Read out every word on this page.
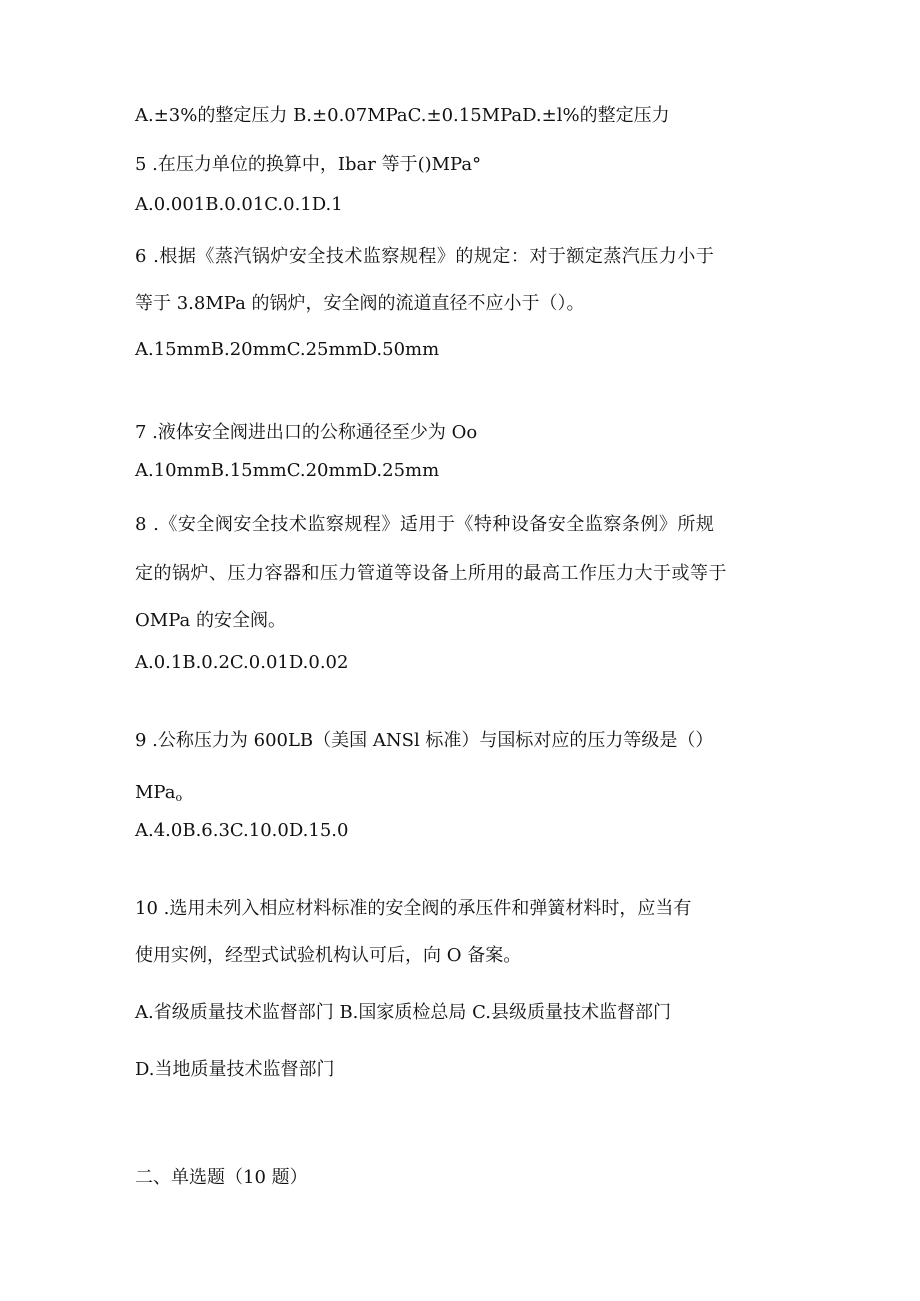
A.±3%的整定压力 B.±0.07MPaC.±0.15MPaD.±l%的整定压力
5 .在压力单位的换算中，Ibar 等于()MPa°
A.0.001B.0.01C.0.1D.1
6 .根据《蒸汽锅炉安全技术监察规程》的规定：对于额定蒸汽压力小于
等于 3.8MPa 的锅炉，安全阀的流道直径不应小于（）。
A.15mmB.20mmC.25mmD.50mm
7 .液体安全阀进出口的公称通径至少为 Oo
A.10mmB.15mmC.20mmD.25mm
8 .《安全阀安全技术监察规程》适用于《特种设备安全监察条例》所规
定的锅炉、压力容器和压力管道等设备上所用的最高工作压力大于或等于
OMPa 的安全阀。
A.0.1B.0.2C.0.01D.0.02
9 .公称压力为 600LB（美国 ANSl 标准）与国标对应的压力等级是（）
MPa$_o$
A.4.0B.6.3C.10.0D.15.0
10 .选用未列入相应材料标准的安全阀的承压件和弹簧材料时，应当有
使用实例，经型式试验机构认可后，向 O 备案。
A.省级质量技术监督部门 B.国家质检总局 C.县级质量技术监督部门
D.当地质量技术监督部门
二、单选题（10 题）
